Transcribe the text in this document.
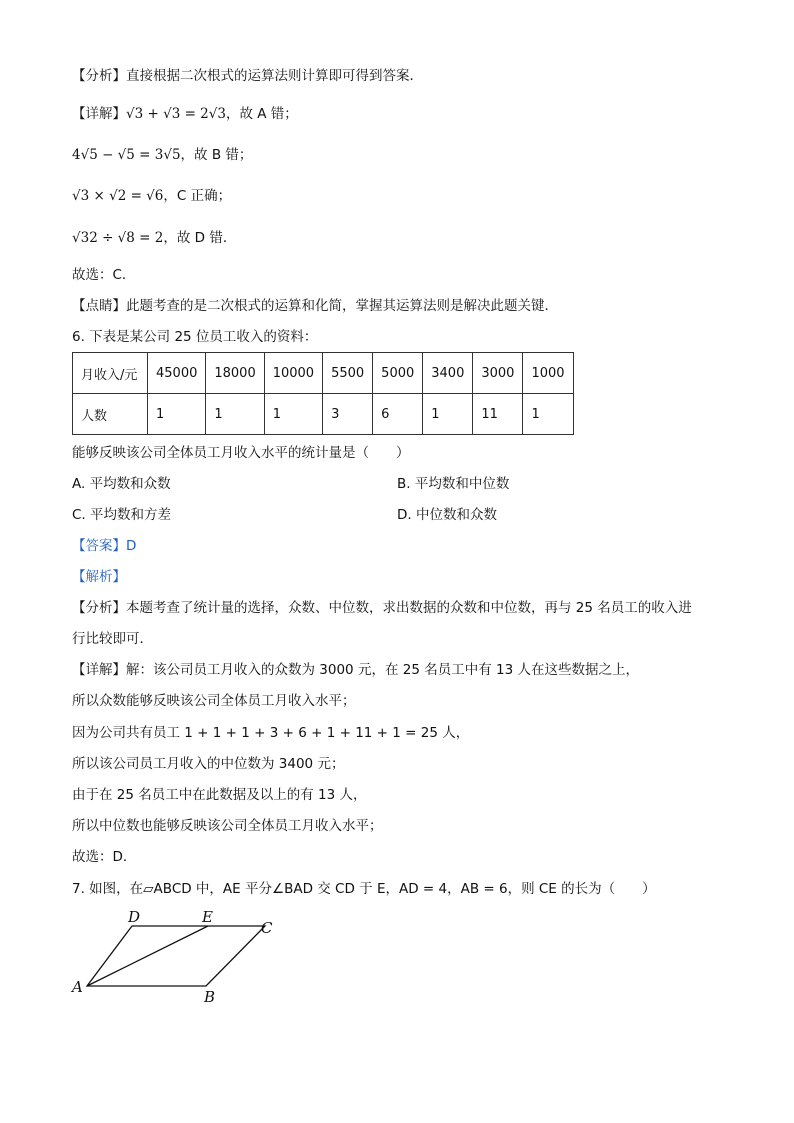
【分析】直接根据二次根式的运算法则计算即可得到答案．
【详解】√3 + √3 = 2√3，故 A 错；
4√5 − √5 = 3√5，故 B 错；
√3 × √2 = √6，C 正确；
√32 ÷ √8 = 2，故 D 错．
故选：C．
【点睛】此题考查的是二次根式的运算和化简，掌握其运算法则是解决此题关键．
6. 下表是某公司 25 位员工收入的资料：
月收入/元	45000	18000	10000	5500	5000	3400	3000	1000
人数	1	1	1	3	6	1	11	1
能够反映该公司全体员工月收入水平的统计量是（　　）
A. 平均数和众数	B. 平均数和中位数
C. 平均数和方差	D. 中位数和众数
【答案】D
【解析】
【分析】本题考查了统计量的选择，众数、中位数，求出数据的众数和中位数，再与 25 名员工的收入进
行比较即可．
【详解】解：该公司员工月收入的众数为 3000 元，在 25 名员工中有 13 人在这些数据之上，
所以众数能够反映该公司全体员工月收入水平；
因为公司共有员工 1 + 1 + 1 + 3 + 6 + 1 + 11 + 1 = 25 人，
所以该公司员工月收入的中位数为 3400 元；
由于在 25 名员工中在此数据及以上的有 13 人，
所以中位数也能够反映该公司全体员工月收入水平；
故选：D．
7. 如图，在▱ABCD 中，AE 平分∠BAD 交 CD 于 E，AD = 4，AB = 6，则 CE 的长为（　　）
A
B
C
D	E
